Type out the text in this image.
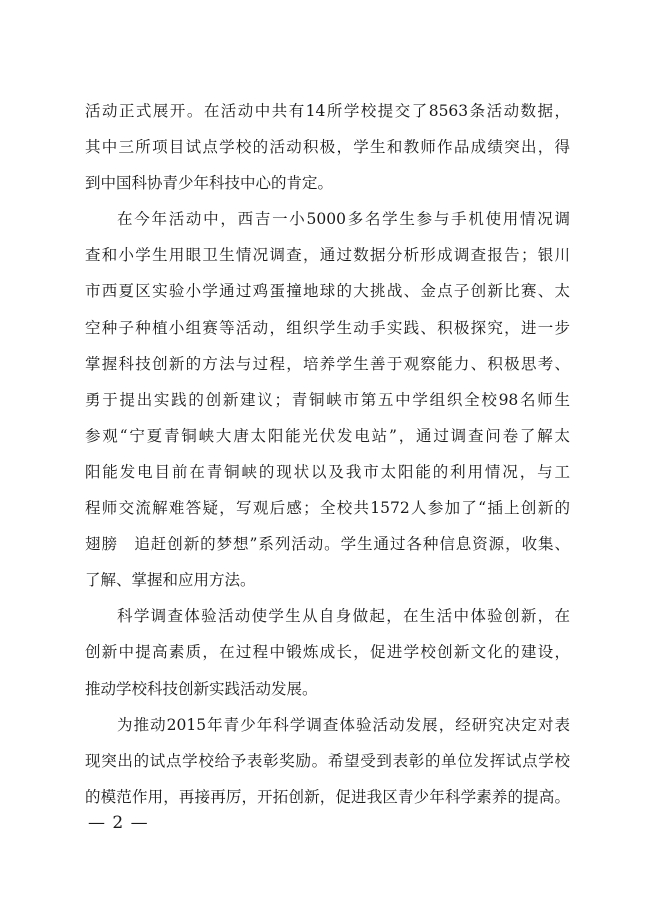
活动正式展开。在活动中共有14所学校提交了8563条活动数据，
其中三所项目试点学校的活动积极，学生和教师作品成绩突出，得
到中国科协青少年科技中心的肯定。
在今年活动中，西吉一小5000多名学生参与手机使用情况调
查和小学生用眼卫生情况调查，通过数据分析形成调查报告；银川
市西夏区实验小学通过鸡蛋撞地球的大挑战、金点子创新比赛、太
空种子种植小组赛等活动，组织学生动手实践、积极探究，进一步
掌握科技创新的方法与过程，培养学生善于观察能力、积极思考、
勇于提出实践的创新建议；青铜峡市第五中学组织全校98名师生
参观“宁夏青铜峡大唐太阳能光伏发电站”，通过调查问卷了解太
阳能发电目前在青铜峡的现状以及我市太阳能的利用情况，与工
程师交流解难答疑，写观后感；全校共1572人参加了“插上创新的
翅膀　追赶创新的梦想”系列活动。学生通过各种信息资源，收集、
了解、掌握和应用方法。
科学调查体验活动使学生从自身做起，在生活中体验创新，在
创新中提高素质，在过程中锻炼成长，促进学校创新文化的建设，
推动学校科技创新实践活动发展。
为推动2015年青少年科学调查体验活动发展，经研究决定对表
现突出的试点学校给予表彰奖励。希望受到表彰的单位发挥试点学校
的模范作用，再接再厉，开拓创新，促进我区青少年科学素养的提高。
— 2 —
